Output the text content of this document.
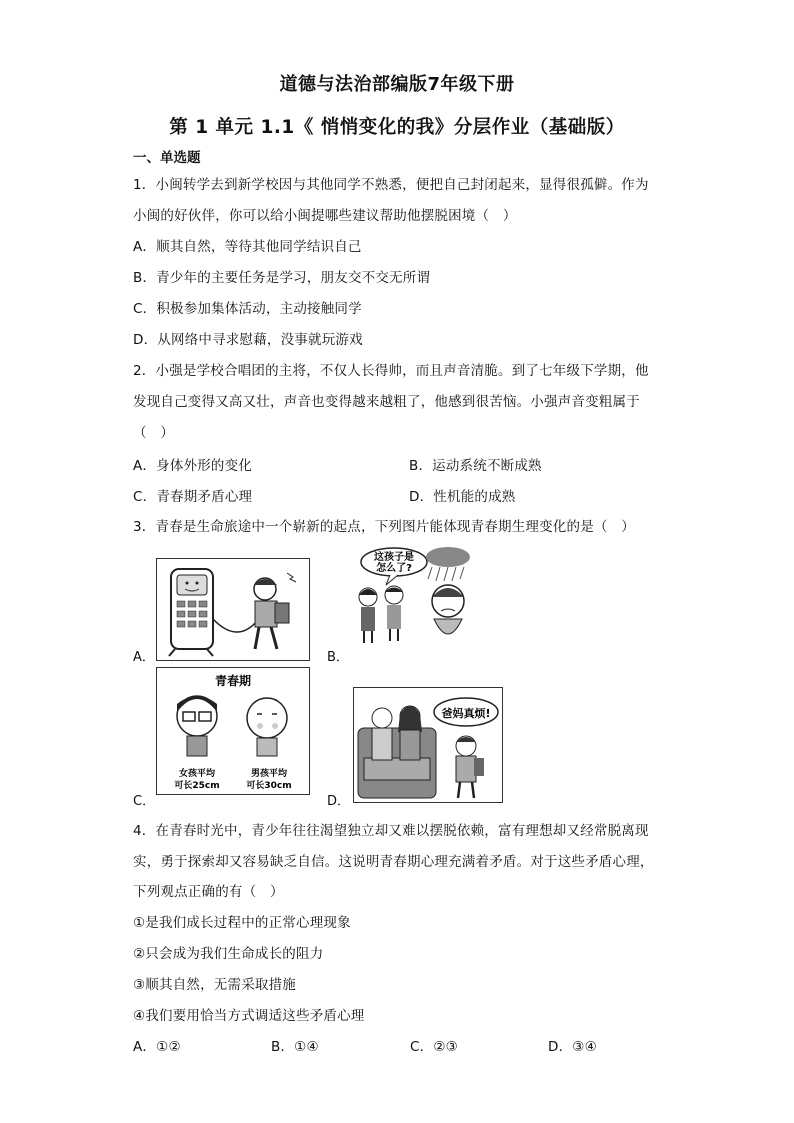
道德与法治部编版7年级下册
第 1 单元 1.1《 悄悄变化的我》分层作业（基础版）
一、单选题
1．小闽转学去到新学校因与其他同学不熟悉，便把自己封闭起来，显得很孤僻。作为
小闽的好伙伴，你可以给小闽提哪些建议帮助他摆脱困境（　）
A．顺其自然，等待其他同学结识自己
B．青少年的主要任务是学习，朋友交不交无所谓
C．积极参加集体活动，主动接触同学
D．从网络中寻求慰藉，没事就玩游戏
2．小强是学校合唱团的主将，不仅人长得帅，而且声音清脆。到了七年级下学期，他
发现自己变得又高又壮，声音也变得越来越粗了，他感到很苦恼。小强声音变粗属于
（　）
A．身体外形的变化	B．运动系统不断成熟
C．青春期矛盾心理	D．性机能的成熟
3．青春是生命旅途中一个崭新的起点，下列图片能体现青春期生理变化的是（　）
A．	B．
这孩子是
怎么了?
C．
青春期
女孩平均
可长25cm
男孩平均
可长30cm
D．
爸妈真烦!
4．在青春时光中，青少年往往渴望独立却又难以摆脱依赖，富有理想却又经常脱离现
实，勇于探索却又容易缺乏自信。这说明青春期心理充满着矛盾。对于这些矛盾心理，
下列观点正确的有（　）
①是我们成长过程中的正常心理现象
②只会成为我们生命成长的阻力
③顺其自然，无需采取措施
④我们要用恰当方式调适这些矛盾心理
A．①②	B．①④	C．②③	D．③④
